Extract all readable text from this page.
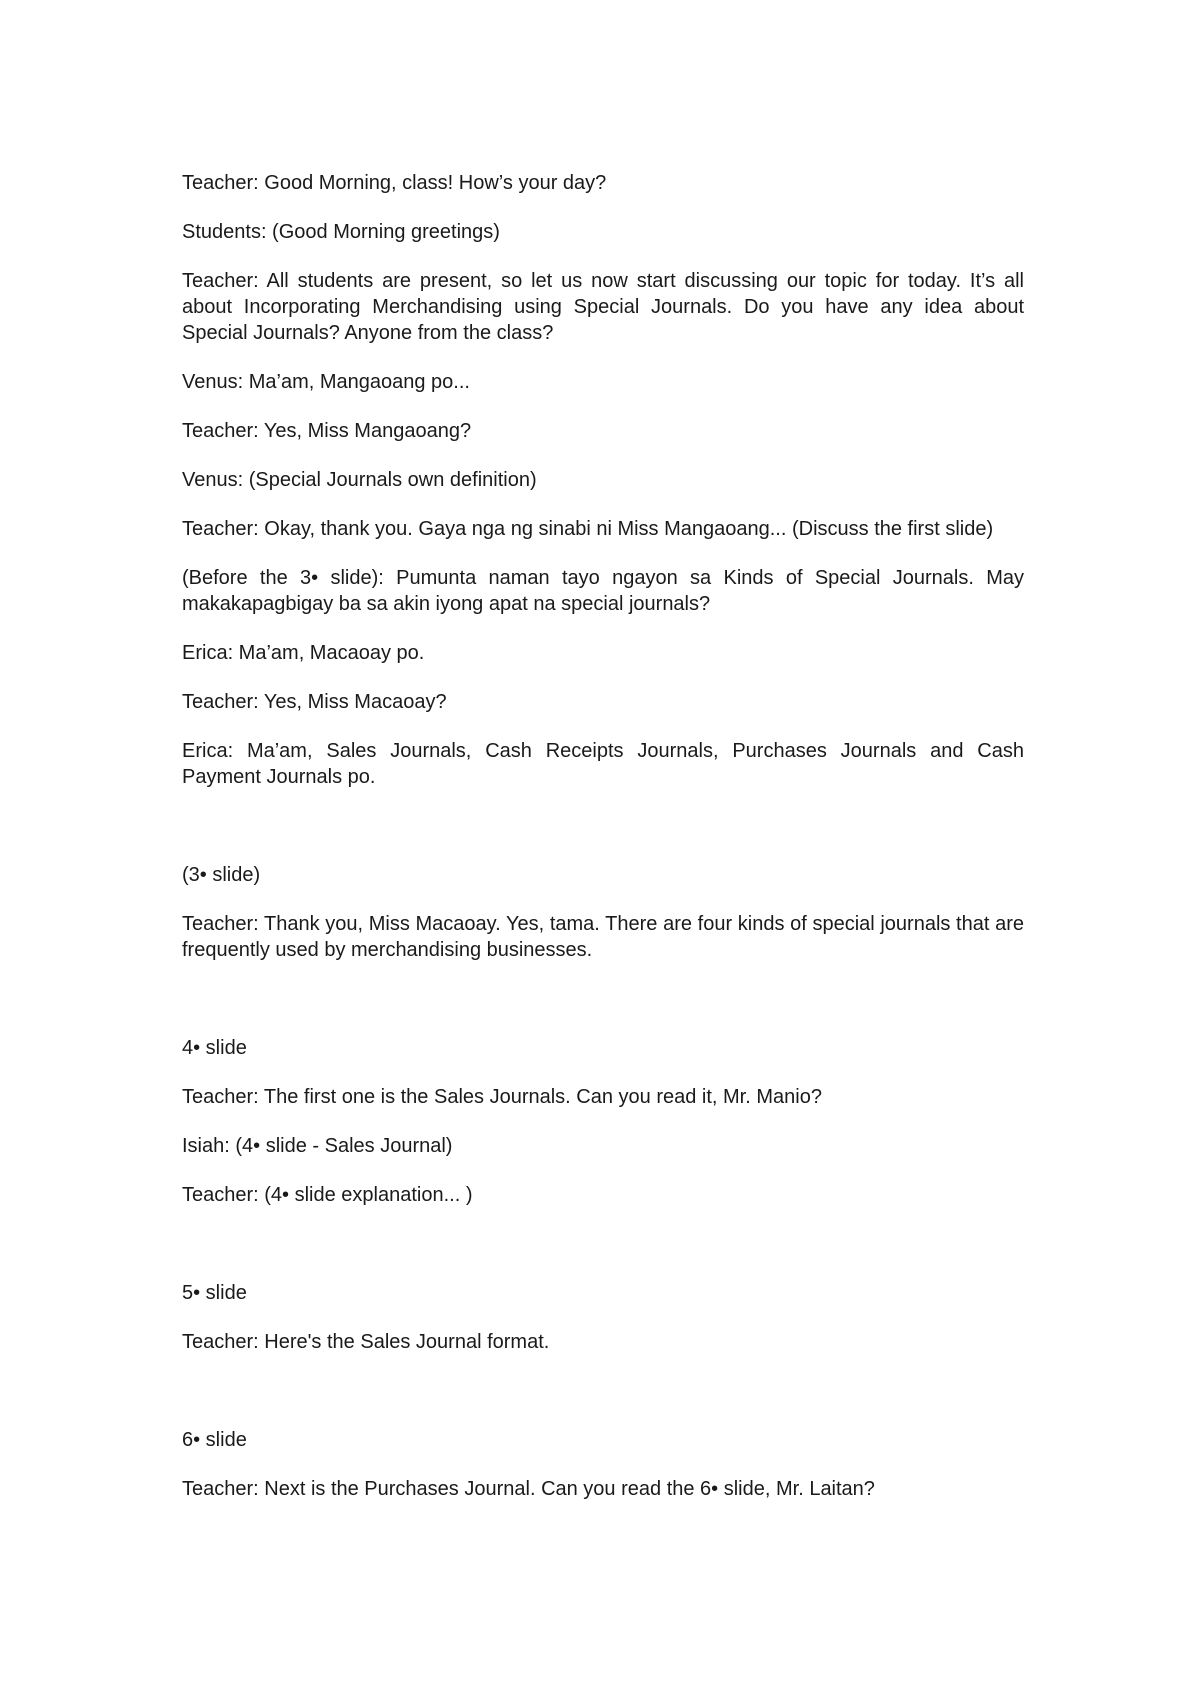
Teacher: Good Morning, class! How’s your day?

Students: (Good Morning greetings)

Teacher: All students are present, so let us now start discussing our topic for today. It’s all about Incorporating Merchandising using Special Journals. Do you have any idea about Special Journals? Anyone from the class?

Venus: Ma’am, Mangaoang po...

Teacher: Yes, Miss Mangaoang?

Venus: (Special Journals own definition)

Teacher: Okay, thank you. Gaya nga ng sinabi ni Miss Mangaoang... (Discuss the first slide)

(Before the 3• slide): Pumunta naman tayo ngayon sa Kinds of Special Journals. May makakapagbigay ba sa akin iyong apat na special journals?

Erica: Ma’am, Macaoay po.

Teacher: Yes, Miss Macaoay?

Erica: Ma’am, Sales Journals, Cash Receipts Journals, Purchases Journals and Cash Payment Journals po.

(3• slide)

Teacher: Thank you, Miss Macaoay. Yes, tama. There are four kinds of special journals that are frequently used by merchandising businesses.

4• slide

Teacher: The first one is the Sales Journals. Can you read it, Mr. Manio?

Isiah: (4• slide - Sales Journal)

Teacher: (4• slide explanation... )

5• slide

Teacher: Here's the Sales Journal format.

6• slide

Teacher: Next is the Purchases Journal. Can you read the 6• slide, Mr. Laitan?
